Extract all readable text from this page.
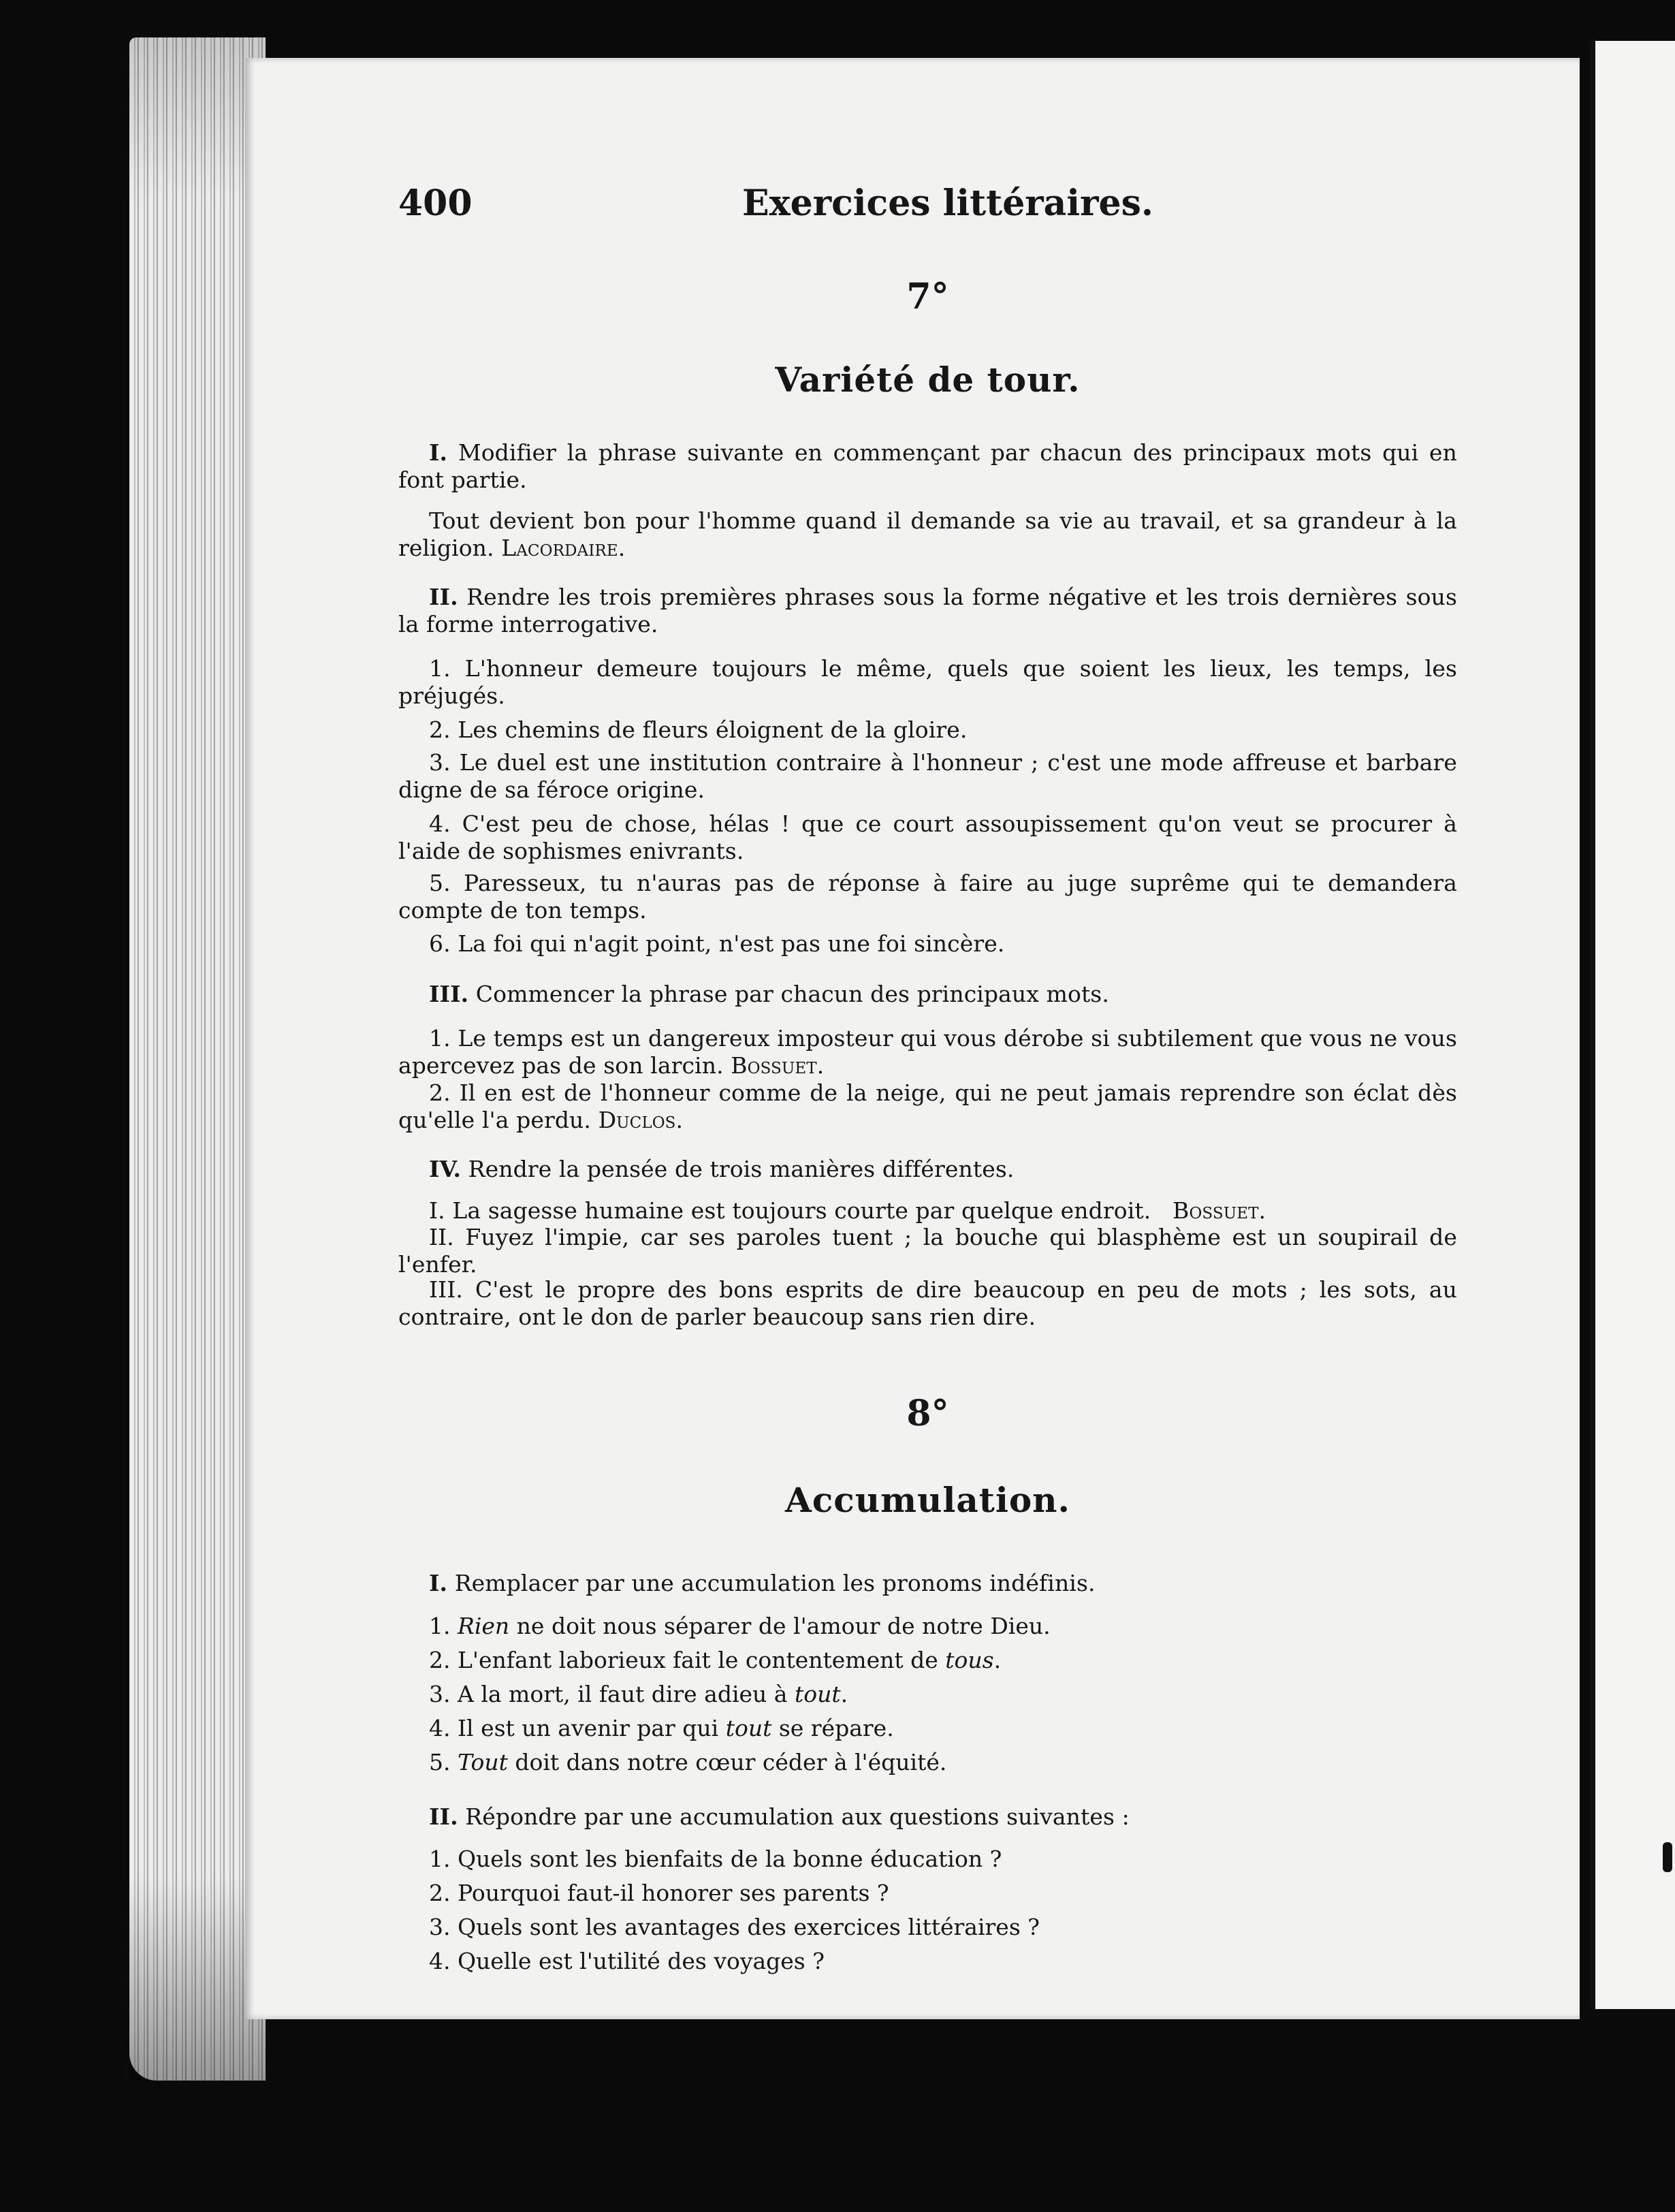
400	Exercices littéraires.
7°
Variété de tour.
I. Modifier la phrase suivante en commençant par chacun des principaux mots qui en font partie.
Tout devient bon pour l'homme quand il demande sa vie au travail, et sa grandeur à la religion. Lacordaire.
II. Rendre les trois premières phrases sous la forme négative et les trois dernières sous la forme interrogative.
1. L'honneur demeure toujours le même, quels que soient les lieux, les temps, les préjugés.
2. Les chemins de fleurs éloignent de la gloire.
3. Le duel est une institution contraire à l'honneur ; c'est une mode affreuse et barbare digne de sa féroce origine.
4. C'est peu de chose, hélas ! que ce court assoupissement qu'on veut se procurer à l'aide de sophismes enivrants.
5. Paresseux, tu n'auras pas de réponse à faire au juge suprême qui te demandera compte de ton temps.
6. La foi qui n'agit point, n'est pas une foi sincère.
III. Commencer la phrase par chacun des principaux mots.
1. Le temps est un dangereux imposteur qui vous dérobe si subtilement que vous ne vous apercevez pas de son larcin. Bossuet.
2. Il en est de l'honneur comme de la neige, qui ne peut jamais reprendre son éclat dès qu'elle l'a perdu. Duclos.
IV. Rendre la pensée de trois manières différentes.
I. La sagesse humaine est toujours courte par quelque endroit. Bossuet.
II. Fuyez l'impie, car ses paroles tuent ; la bouche qui blasphème est un soupirail de l'enfer.
III. C'est le propre des bons esprits de dire beaucoup en peu de mots ; les sots, au contraire, ont le don de parler beaucoup sans rien dire.
8°
Accumulation.
I. Remplacer par une accumulation les pronoms indéfinis.
1. Rien ne doit nous séparer de l'amour de notre Dieu.
2. L'enfant laborieux fait le contentement de tous.
3. A la mort, il faut dire adieu à tout.
4. Il est un avenir par qui tout se répare.
5. Tout doit dans notre cœur céder à l'équité.
II. Répondre par une accumulation aux questions suivantes :
1. Quels sont les bienfaits de la bonne éducation ?
2. Pourquoi faut-il honorer ses parents ?
3. Quels sont les avantages des exercices littéraires ?
4. Quelle est l'utilité des voyages ?
